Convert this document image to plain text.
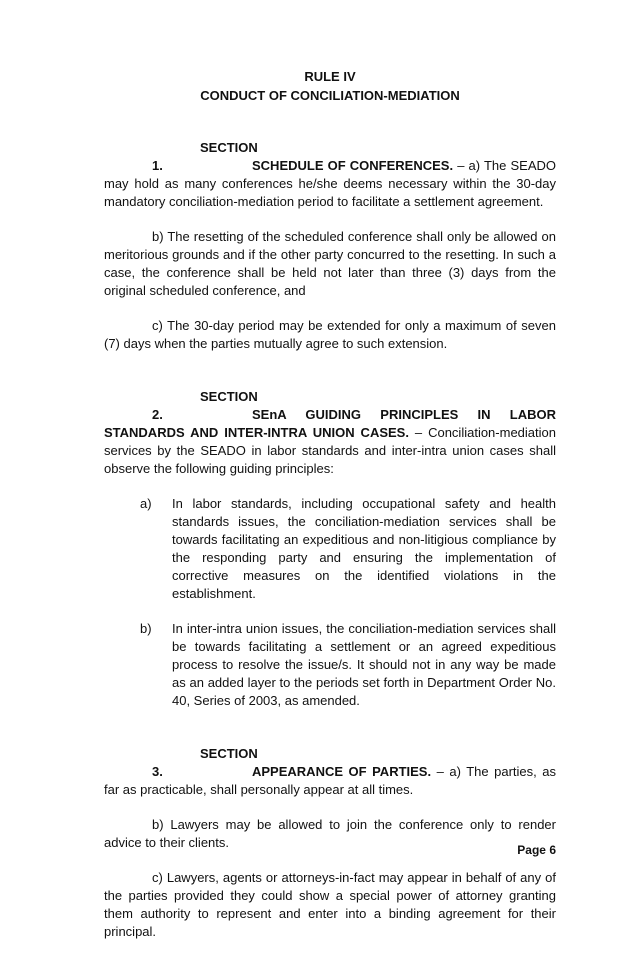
RULE IV
CONDUCT OF CONCILIATION-MEDIATION

SECTION 1.	SCHEDULE OF CONFERENCES. – a) The SEADO may hold as many conferences he/she deems necessary within the 30-day mandatory conciliation-mediation period to facilitate a settlement agreement.

b) The resetting of the scheduled conference shall only be allowed on meritorious grounds and if the other party concurred to the resetting. In such a case, the conference shall be held not later than three (3) days from the original scheduled conference, and

c) The 30-day period may be extended for only a maximum of seven (7) days when the parties mutually agree to such extension.

SECTION 2.	SEnA GUIDING PRINCIPLES IN LABOR STANDARDS AND INTER-INTRA UNION CASES. – Conciliation-mediation services by the SEADO in labor standards and inter-intra union cases shall observe the following guiding principles:

a)	In labor standards, including occupational safety and health standards issues, the conciliation-mediation services shall be towards facilitating an expeditious and non-litigious compliance by the responding party and ensuring the implementation of corrective measures on the identified violations in the establishment.
b)	In inter-intra union issues, the conciliation-mediation services shall be towards facilitating a settlement or an agreed expeditious process to resolve the issue/s. It should not in any way be made as an added layer to the periods set forth in Department Order No. 40, Series of 2003, as amended.

SECTION 3.	APPEARANCE OF PARTIES. – a) The parties, as far as practicable, shall personally appear at all times.

b) Lawyers may be allowed to join the conference only to render advice to their clients.

c) Lawyers, agents or attorneys-in-fact may appear in behalf of any of the parties provided they could show a special power of attorney granting them authority to represent and enter into a binding agreement for their principal.

Page 6
